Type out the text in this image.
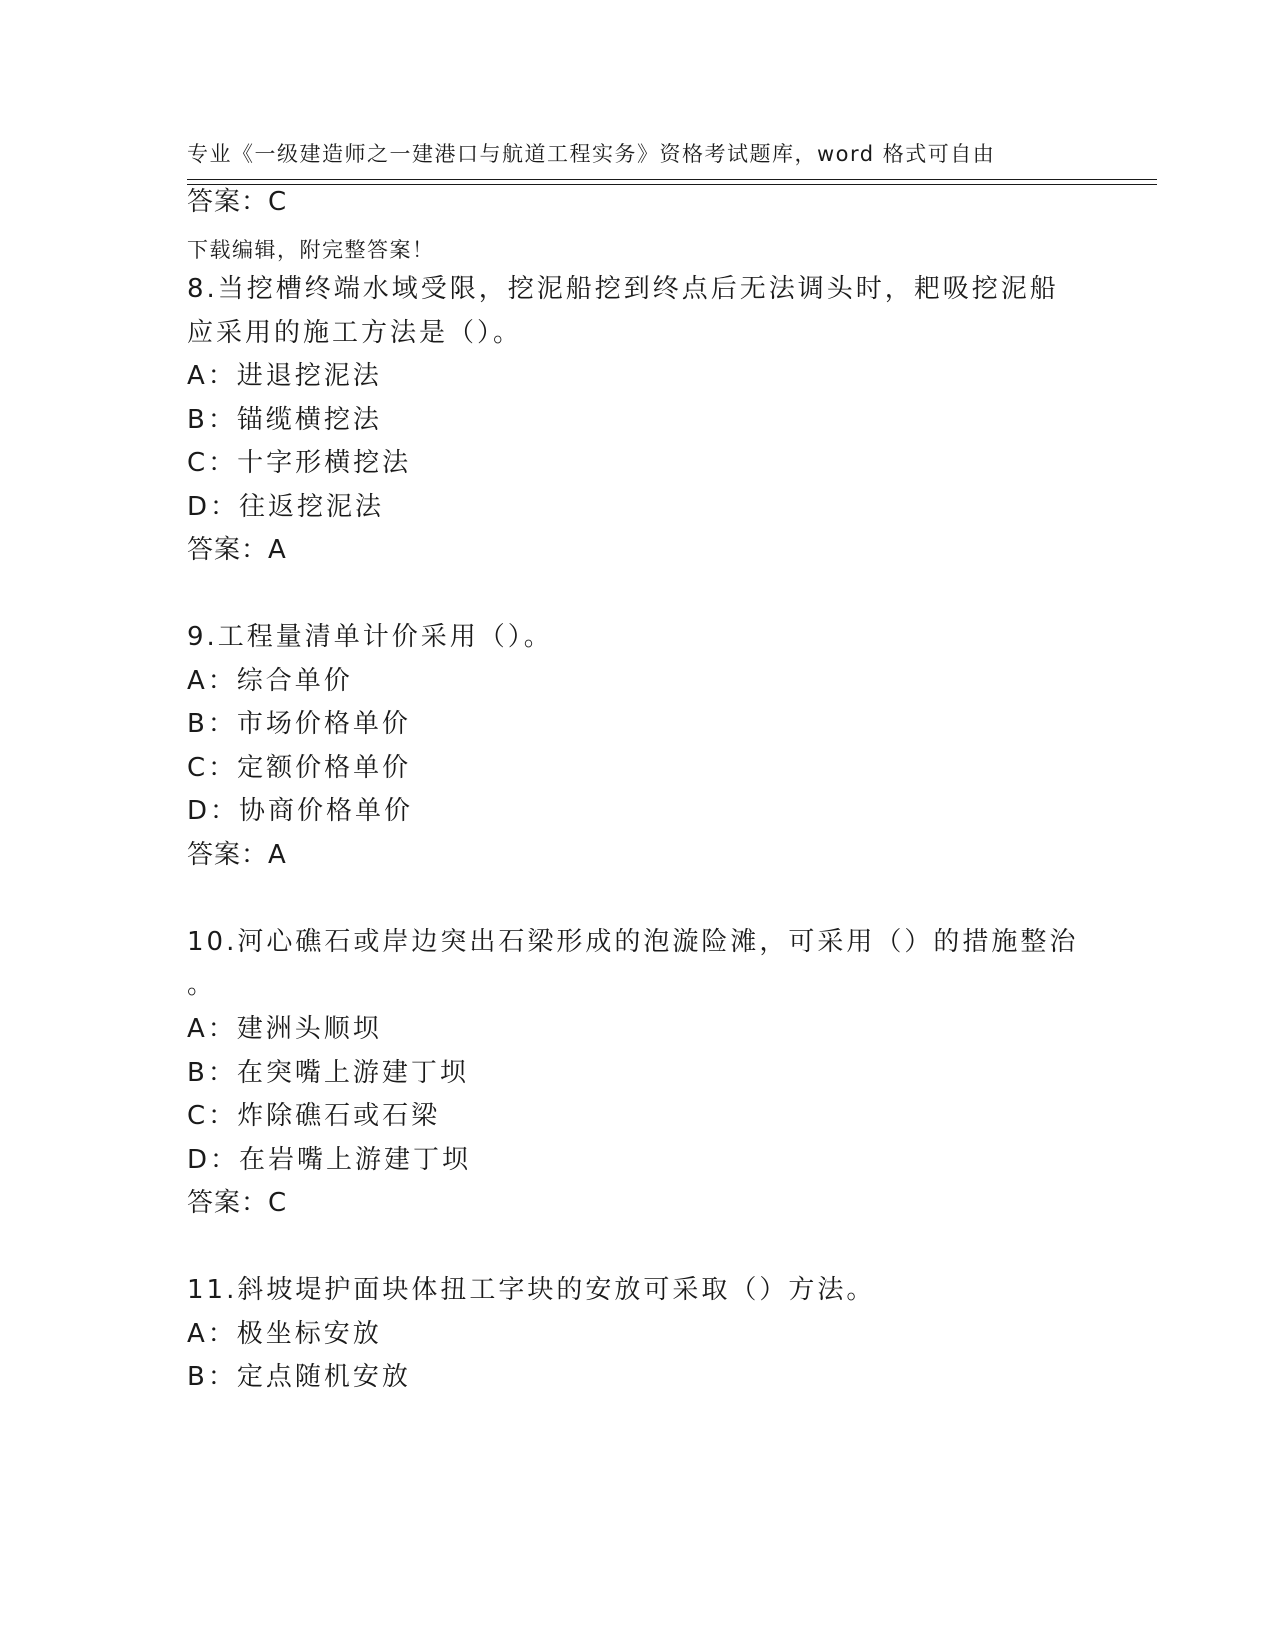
专业《一级建造师之一建港口与航道工程实务》资格考试题库，word 格式可自由

下载编辑，附完整答案！

答案：C
8.当挖槽终端水域受限，挖泥船挖到终点后无法调头时，耙吸挖泥船
应采用的施工方法是（）。
A：进退挖泥法
B：锚缆横挖法
C：十字形横挖法
D：往返挖泥法
答案：A
9.工程量清单计价采用（）。
A：综合单价
B：市场价格单价
C：定额价格单价
D：协商价格单价
答案：A
10.河心礁石或岸边突出石梁形成的泡漩险滩，可采用（）的措施整治
。
A：建洲头顺坝
B：在突嘴上游建丁坝
C：炸除礁石或石梁
D：在岩嘴上游建丁坝
答案：C
11.斜坡堤护面块体扭工字块的安放可采取（）方法。
A：极坐标安放
B：定点随机安放
